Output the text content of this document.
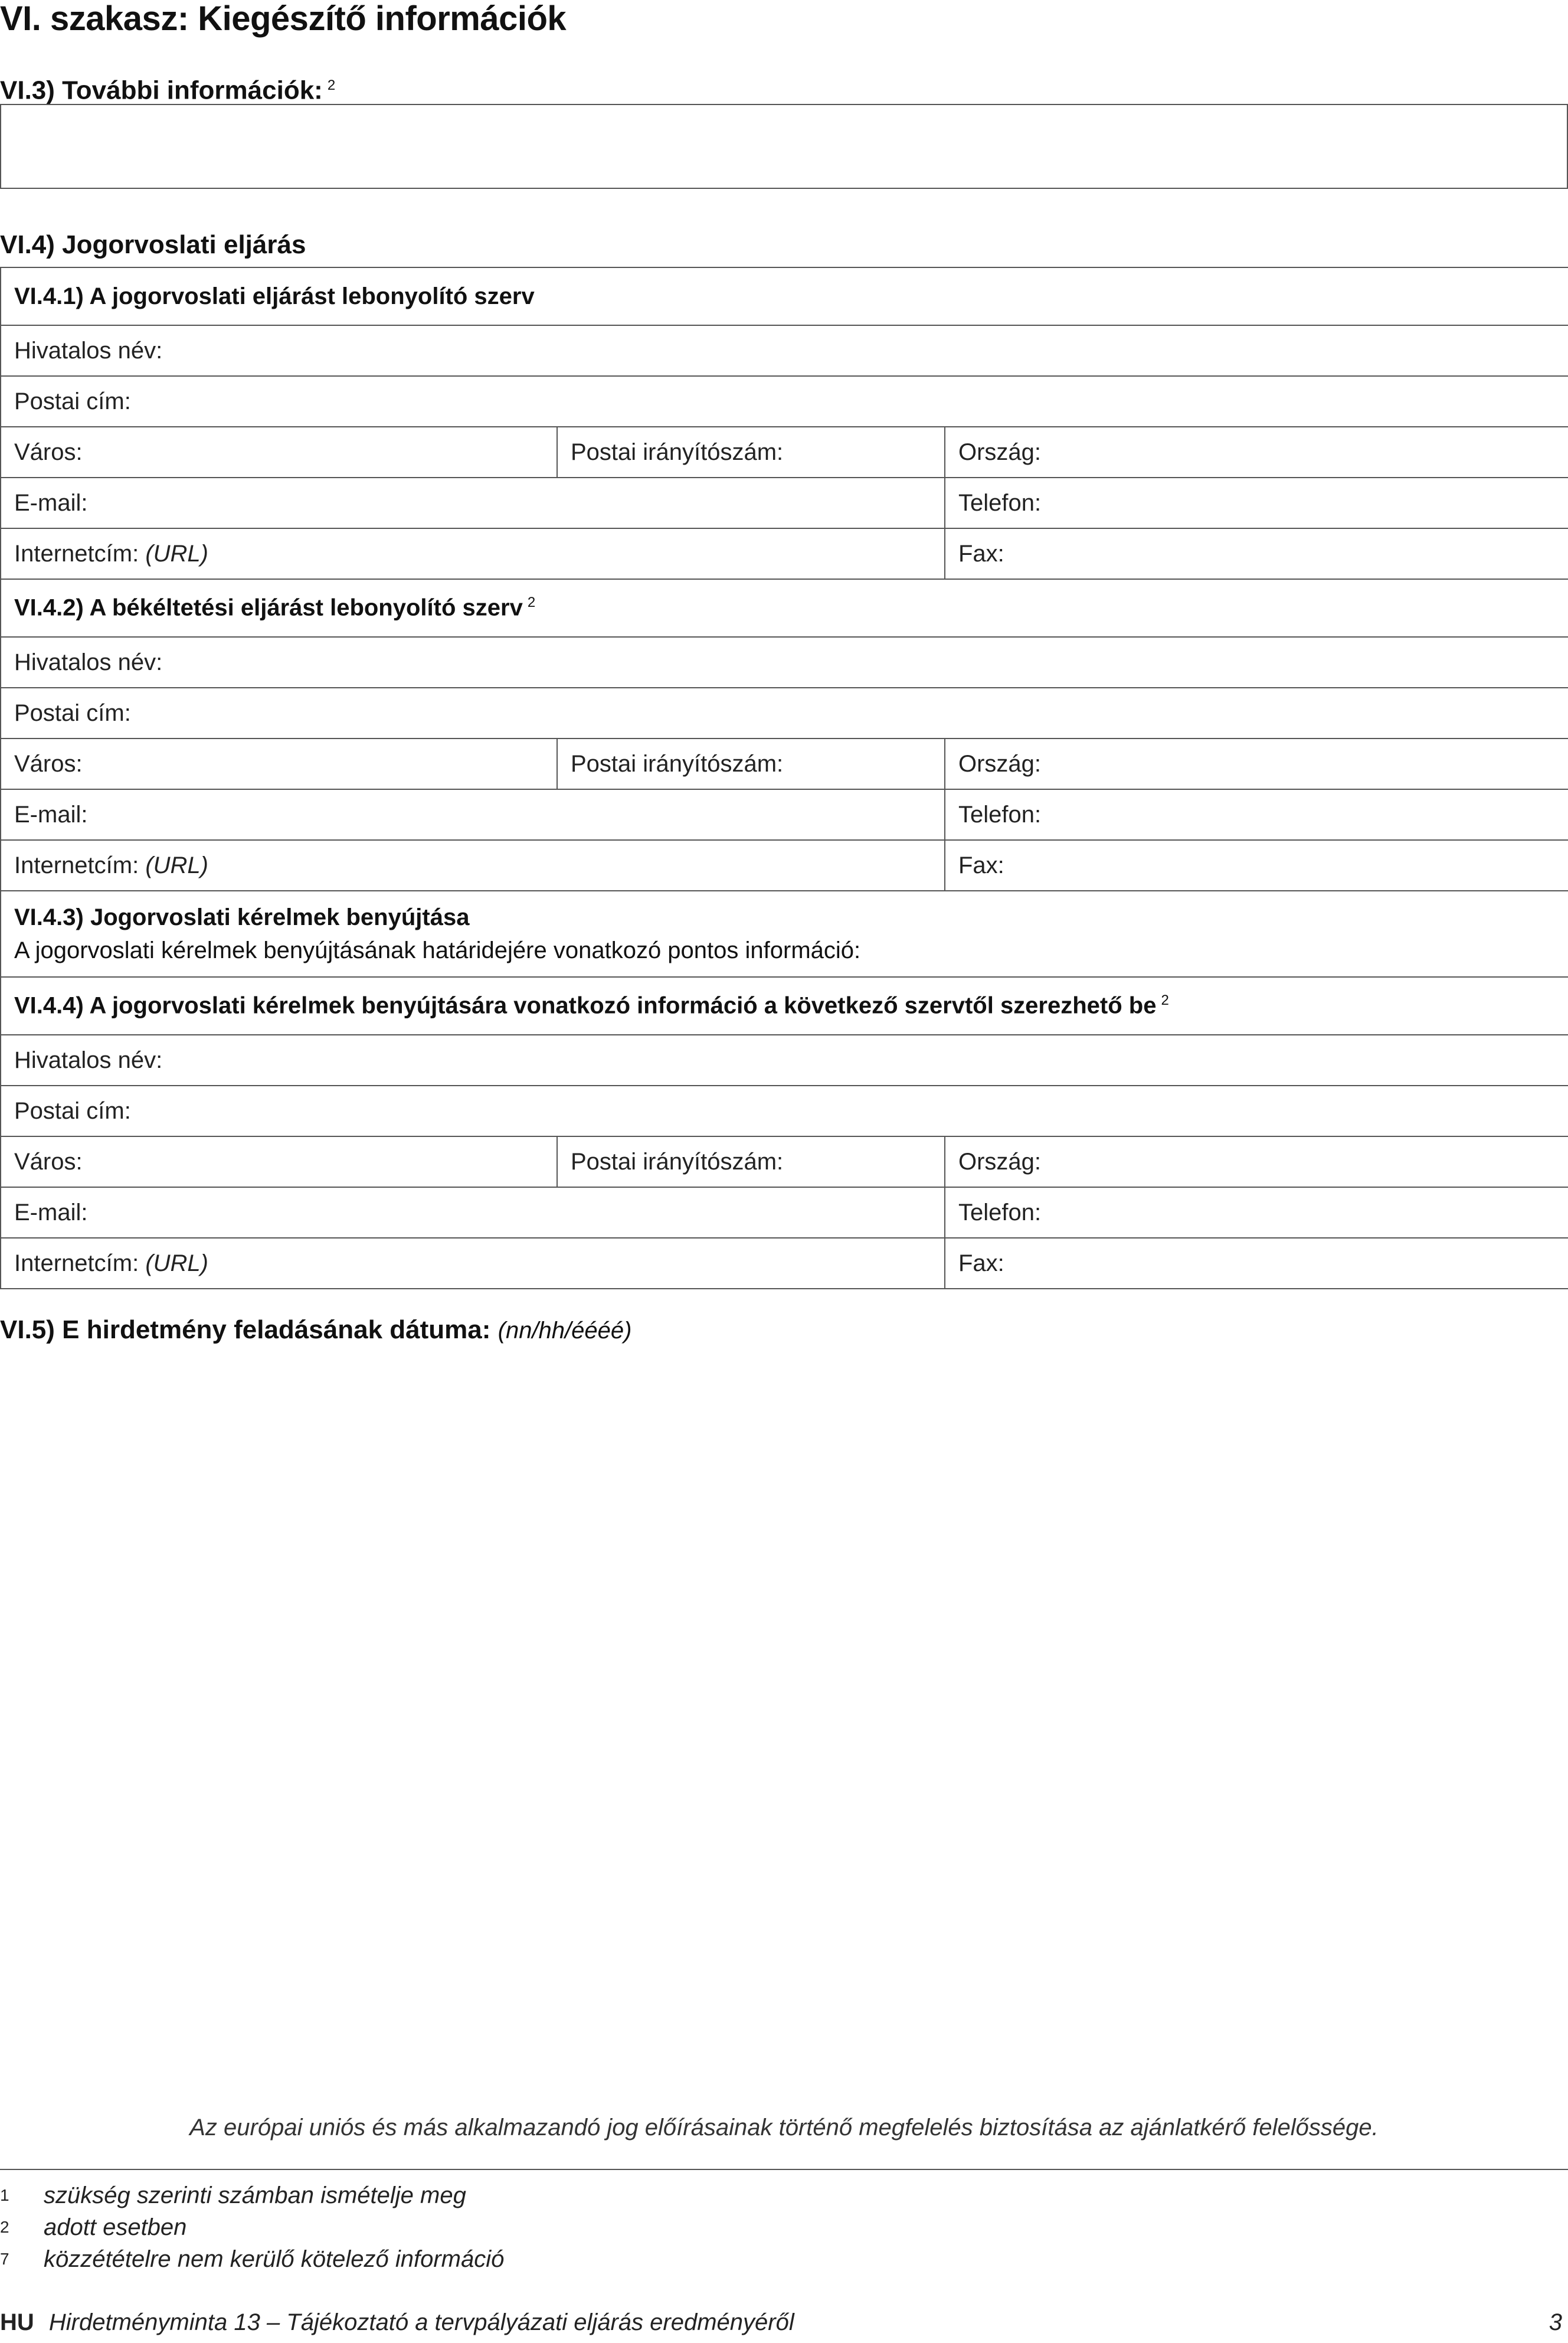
VI. szakasz: Kiegészítő információk
VI.3) További információk: $^2$
VI.4) Jogorvoslati eljárás
VI.4.1) A jogorvoslati eljárást lebonyolító szerv		
Hivatalos név:		
Postai cím:		
Város:	Postai irányítószám:	Ország:
E-mail:		Telefon:
Internetcím: (URL)		Fax:
VI.4.2) A békéltetési eljárást lebonyolító szerv $^2$
Hivatalos név:		
Postai cím:		
Város:	Postai irányítószám:	Ország:
E-mail:		Telefon:
Internetcím: (URL)		Fax:

VI.4.3) Jogorvoslati kérelmek benyújtása
A jogorvoslati kérelmek benyújtásának határidejére vonatkozó pontos információ:		

VI.4.4) A jogorvoslati kérelmek benyújtására vonatkozó információ a következő szervtől szerezhető be $^2$
Hivatalos név:		
Postai cím:		
Város:	Postai irányítószám:	Ország:
E-mail:		Telefon:
Internetcím: (URL)		Fax:
VI.5) E hirdetmény feladásának dátuma: (nn/hh/éééé)
Az európai uniós és más alkalmazandó jog előírásainak történő megfelelés biztosítása az ajánlatkérő felelőssége.
1 szükség szerinti számban ismételje meg
2 adott esetben
7 közzétételre nem kerülő kötelező információ
HU Hirdetményminta 13 – Tájékoztató a tervpályázati eljárás eredményéről	3
